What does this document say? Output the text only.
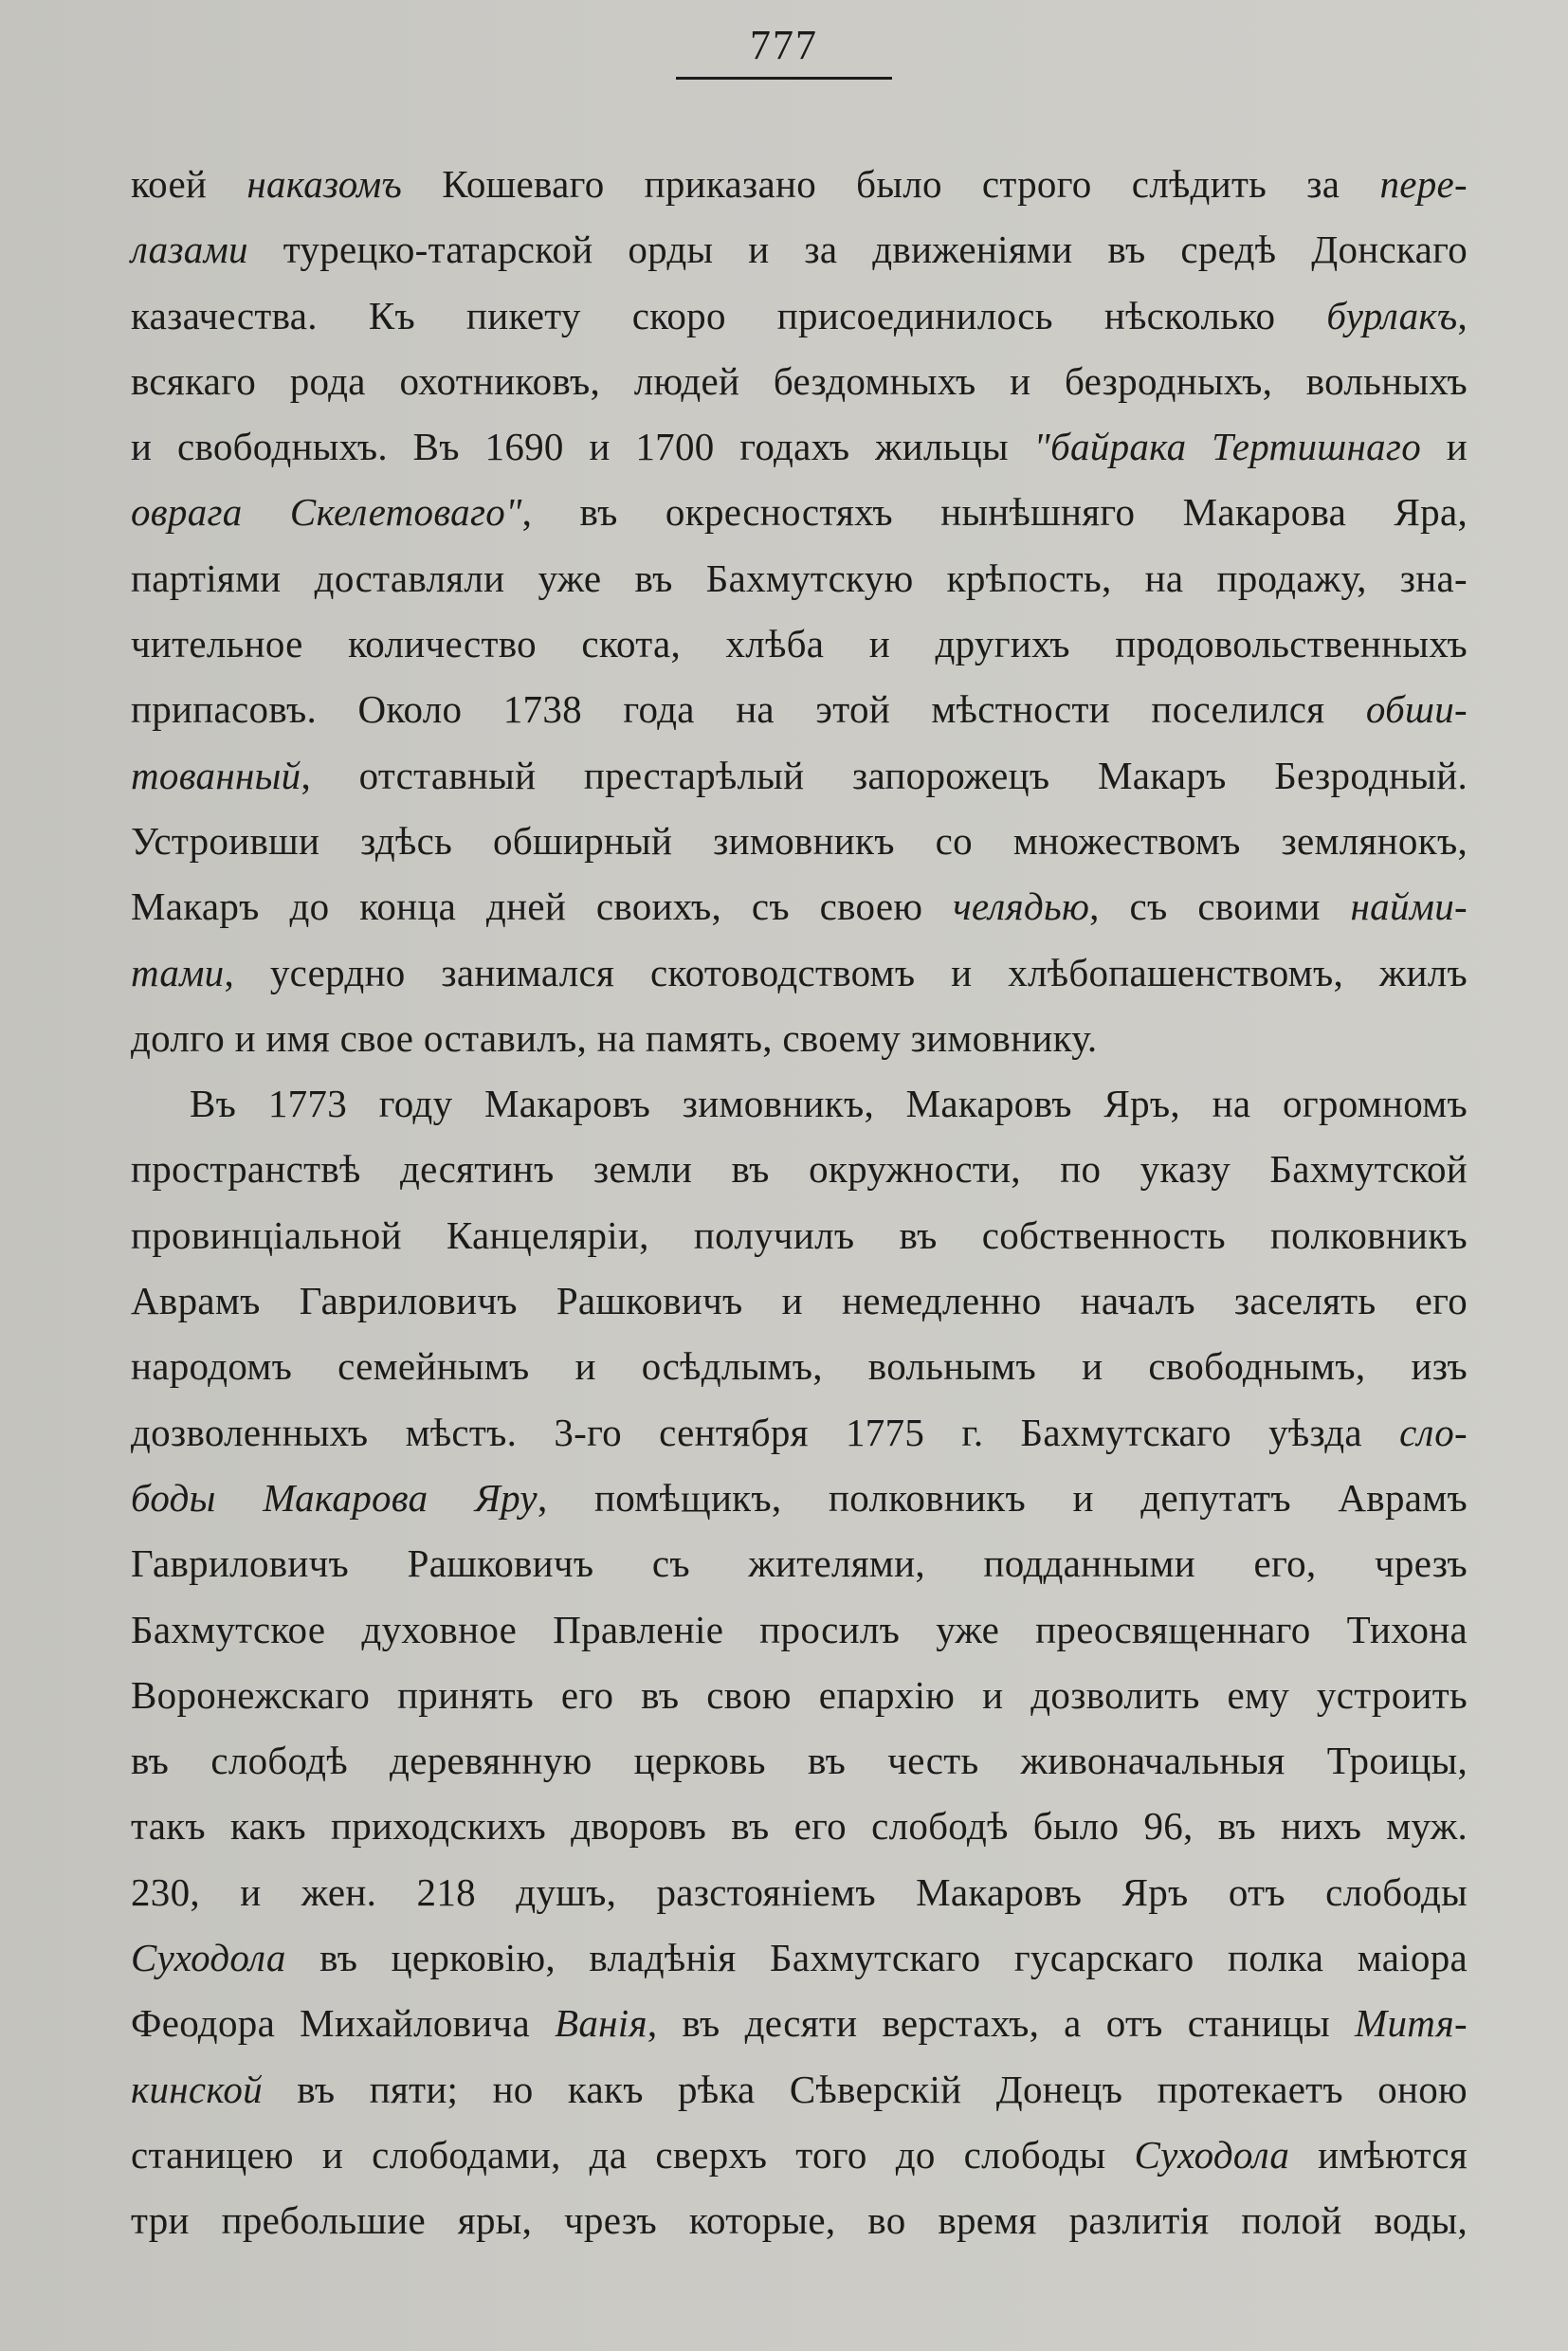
777
коей наказомъ Кошеваго приказано было строго слѣдить за пере-
лазами турецко-татарской орды и за движеніями въ средѣ Донскаго
казачества. Къ пикету скоро присоединилось нѣсколько бурлакъ,
всякаго рода охотниковъ, людей бездомныхъ и безродныхъ, вольныхъ
и свободныхъ. Въ 1690 и 1700 годахъ жильцы "байрака Тертишнаго и
оврага Скелетоваго", въ окресностяхъ нынѣшняго Макарова Яра,
партіями доставляли уже въ Бахмутскую крѣпость, на продажу, зна-
чительное количество скота, хлѣба и другихъ продовольственныхъ
припасовъ. Около 1738 года на этой мѣстности поселился обши-
тованный, отставный престарѣлый запорожецъ Макаръ Безродный.
Устроивши здѣсь обширный зимовникъ со множествомъ землянокъ,
Макаръ до конца дней своихъ, съ своею челядью, съ своими найми-
тами, усердно занимался скотоводствомъ и хлѣбопашенствомъ, жилъ
долго и имя свое оставилъ, на память, своему зимовнику.
Въ 1773 году Макаровъ зимовникъ, Макаровъ Яръ, на огромномъ
пространствѣ десятинъ земли въ окружности, по указу Бахмутской
провинціальной Канцеляріи, получилъ въ собственность полковникъ
Аврамъ Гавриловичъ Рашковичъ и немедленно началъ заселять его
народомъ семейнымъ и осѣдлымъ, вольнымъ и свободнымъ, изъ
дозволенныхъ мѣстъ. 3-го сентября 1775 г. Бахмутскаго уѣзда сло-
боды Макарова Яру, помѣщикъ, полковникъ и депутатъ Аврамъ
Гавриловичъ Рашковичъ съ жителями, подданными его, чрезъ
Бахмутское духовное Правленіе просилъ уже преосвященнаго Тихона
Воронежскаго принять его въ свою епархію и дозволить ему устроить
въ слободѣ деревянную церковь въ честь живоначальныя Троицы,
такъ какъ приходскихъ дворовъ въ его слободѣ было 96, въ нихъ муж.
230, и жен. 218 душъ, разстояніемъ Макаровъ Яръ отъ слободы
Суходола въ церковію, владѣнія Бахмутскаго гусарскаго полка маіора
Феодора Михайловича Ванія, въ десяти верстахъ, а отъ станицы Митя-
кинской въ пяти; но какъ рѣка Сѣверскій Донецъ протекаетъ оною
станицею и слободами, да сверхъ того до слободы Суходола имѣются
три пребольшие яры, чрезъ которые, во время разлитія полой воды,
